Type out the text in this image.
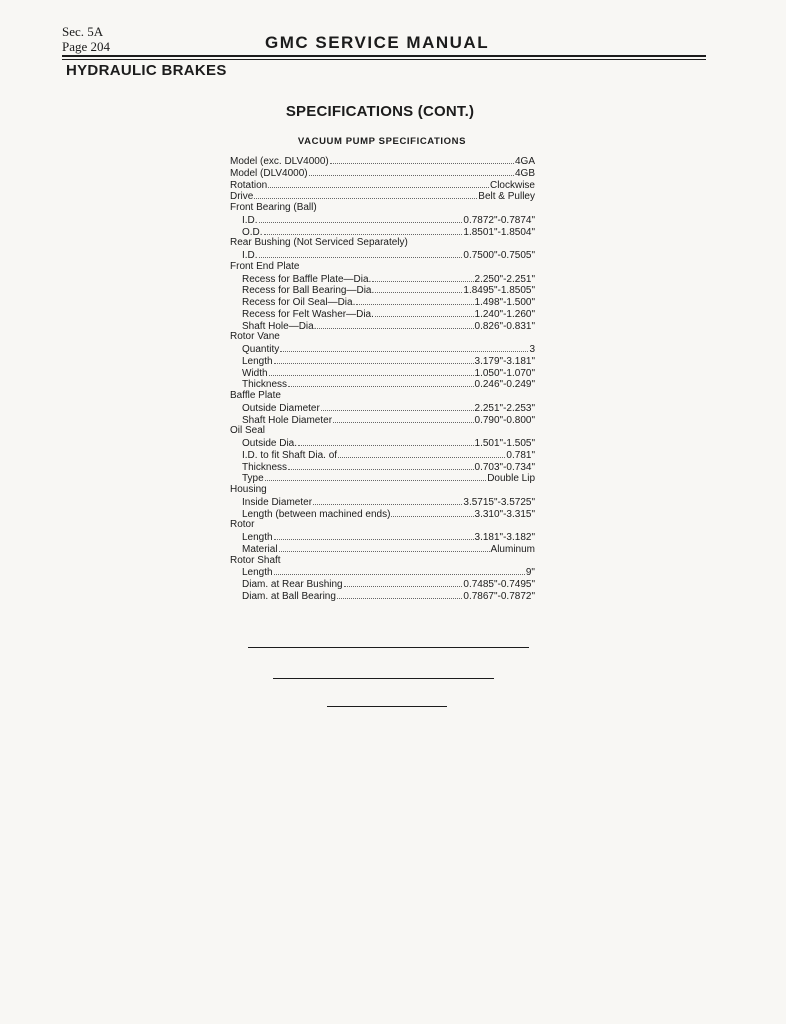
Sec. 5A
Page 204	GMC SERVICE MANUAL
HYDRAULIC BRAKES
SPECIFICATIONS (CONT.)
VACUUM PUMP SPECIFICATIONS
Model (exc. DLV4000)	4GA
Model (DLV4000)	4GB
Rotation	Clockwise
Drive	Belt & Pulley
Front Bearing (Ball)
I.D.	0.7872"-0.7874"
O.D.	1.8501"-1.8504"
Rear Bushing (Not Serviced Separately)
I.D.	0.7500"-0.7505"
Front End Plate
Recess for Baffle Plate—Dia.	2.250"-2.251"
Recess for Ball Bearing—Dia.	1.8495"-1.8505"
Recess for Oil Seal—Dia.	1.498"-1.500"
Recess for Felt Washer—Dia.	1.240"-1.260"
Shaft Hole—Dia.	0.826"-0.831"
Rotor Vane
Quantity	3
Length	3.179"-3.181"
Width	1.050"-1.070"
Thickness	0.246"-0.249"
Baffle Plate
Outside Diameter	2.251"-2.253"
Shaft Hole Diameter	0.790"-0.800"
Oil Seal
Outside Dia.	1.501"-1.505"
I.D. to fit Shaft Dia. of	0.781"
Thickness	0.703"-0.734"
Type	Double Lip
Housing
Inside Diameter	3.5715"-3.5725"
Length (between machined ends)	3.310"-3.315"
Rotor
Length	3.181"-3.182"
Material	Aluminum
Rotor Shaft
Length	9"
Diam. at Rear Bushing	0.7485"-0.7495"
Diam. at Ball Bearing	0.7867"-0.7872"
